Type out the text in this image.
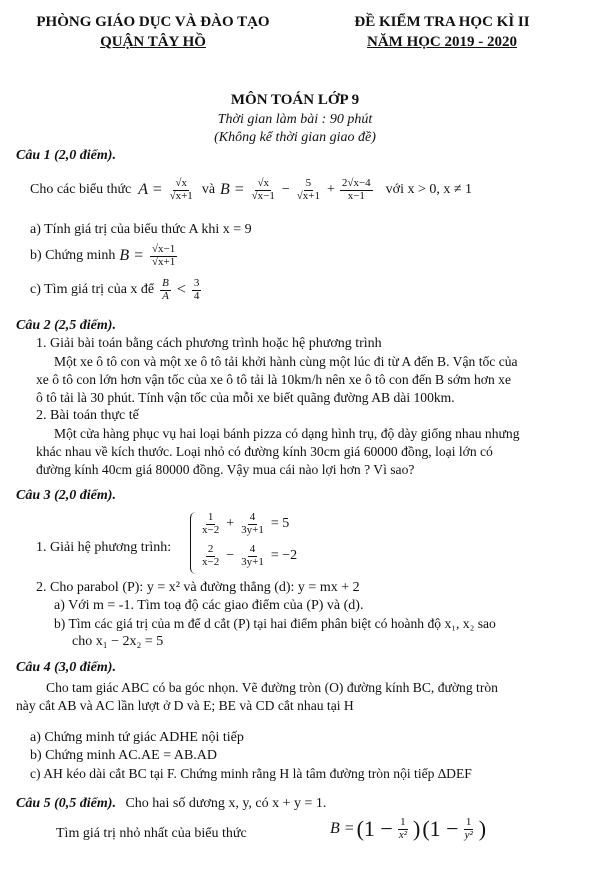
PHÒNG GIÁO DỤC VÀ ĐÀO TẠO
QUẬN TÂY HỒ
ĐỀ KIỂM TRA HỌC KÌ II
NĂM HỌC 2019 - 2020
MÔN TOÁN LỚP 9
Thời gian làm bài : 90 phút
(Không kể thời gian giao đề)
Câu 1 (2,0 điểm).
Cho các biểu thức $A = \frac{√x}{√x+1}$ và $B = \frac{√x}{√x-1} - \frac{5}{√x+1} + \frac{2√x-4}{x-1}$ với x > 0, x ≠ 1
a) Tính giá trị của biểu thức A khi x = 9
b) Chứng minh $B = \frac{√x-1}{√x+1}$
c) Tìm giá trị của x để $\frac{B}{A} < \frac{3}{4}$
Câu 2 (2,5 điểm).
1. Giải bài toán bằng cách phương trình hoặc hệ phương trình
Một xe ô tô con và một xe ô tô tải khởi hành cùng một lúc đi từ A đến B. Vận tốc của
xe ô tô con lớn hơn vận tốc của xe ô tô tải là 10km/h nên xe ô tô con đến B sớm hơn xe
ô tô tải là 30 phút. Tính vận tốc của mỗi xe biết quãng đường AB dài 100km.
2. Bài toán thực tế
Một cửa hàng phục vụ hai loại bánh pizza có dạng hình trụ, độ dày giống nhau nhưng
khác nhau về kích thước. Loại nhỏ có đường kính 30cm giá 60000 đồng, loại lớn có
đường kính 40cm giá 80000 đồng. Vậy mua cái nào lợi hơn ? Vì sao?
Câu 3 (2,0 điểm).
1. Giải hệ phương trình:
$\frac{1}{x-2} + \frac{4}{3y+1} = 5$
$\frac{2}{x-2} - \frac{4}{3y+1} = -2$
2. Cho parabol (P): y = x² và đường thẳng (d): y = mx + 2
a) Với m = -1. Tìm toạ độ các giao điểm của (P) và (d).
b) Tìm các giá trị của m để d cắt (P) tại hai điểm phân biệt có hoành độ x₁, x₂ sao
cho x₁ − 2x₂ = 5
Câu 4 (3,0 điểm).
Cho tam giác ABC có ba góc nhọn. Vẽ đường tròn (O) đường kính BC, đường tròn
này cắt AB và AC lần lượt ở D và E; BE và CD cắt nhau tại H
a) Chứng minh tứ giác ADHE nội tiếp
b) Chứng minh AC.AE = AB.AD
c) AH kéo dài cắt BC tại F. Chứng minh rằng H là tâm đường tròn nội tiếp ∆DEF
Câu 5 (0,5 điểm). Cho hai số dương x, y, có x + y = 1.
Tìm giá trị nhỏ nhất của biểu thức	$B = (1 - \frac{1}{\text{x²}}$ ) ($1 - \frac{1}{\text{y²}}$ )
